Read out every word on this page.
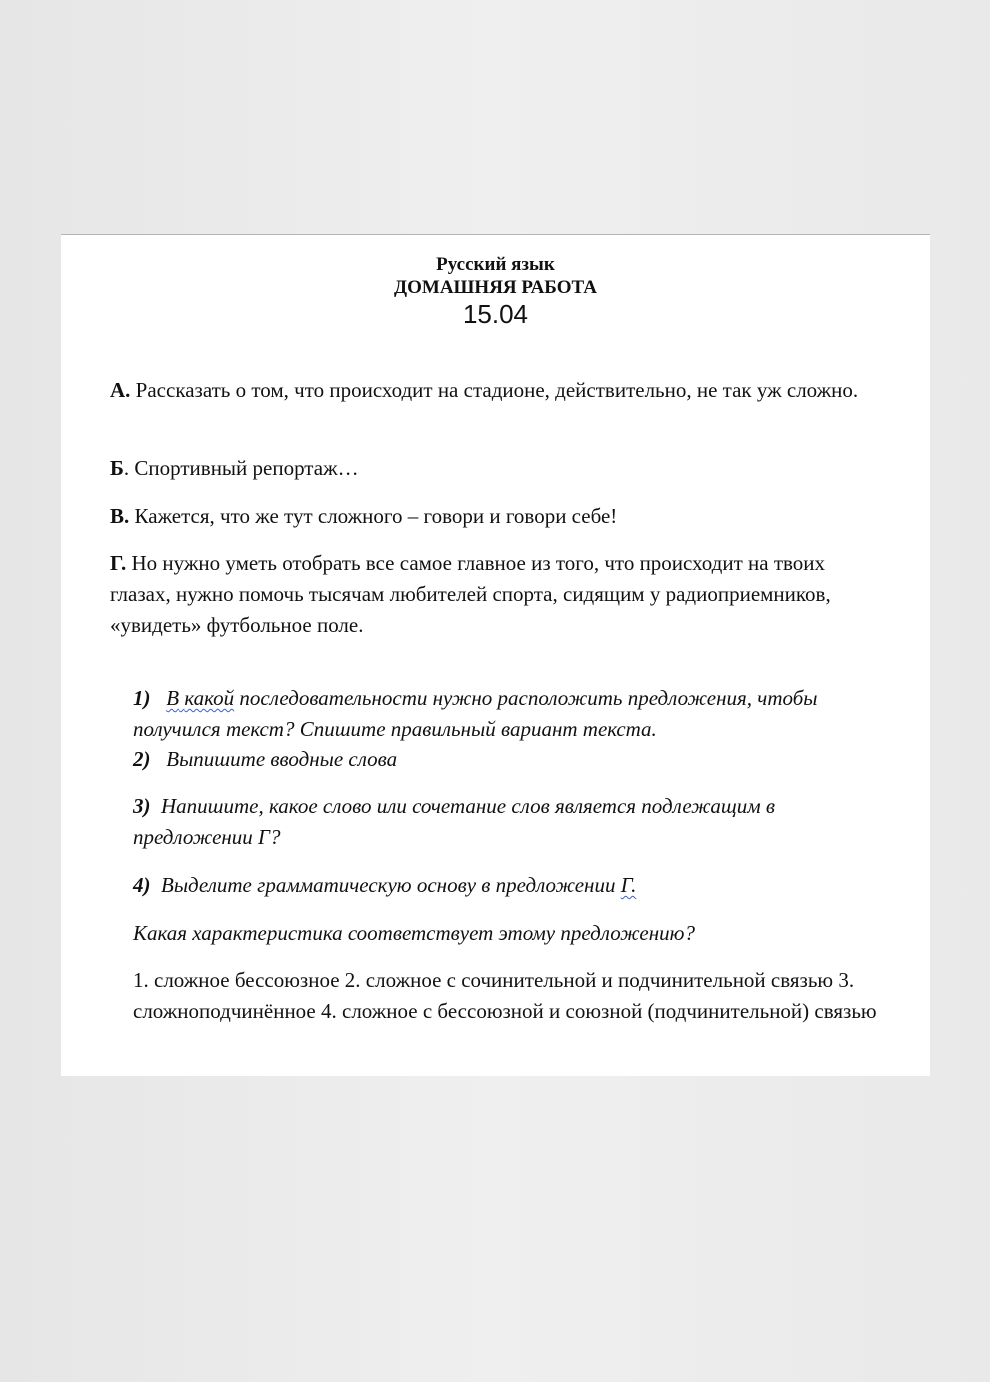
Русский язык
ДОМАШНЯЯ РАБОТА
15.04
А. Рассказать о том, что происходит на стадионе, действительно, не так уж сложно.
Б. Спортивный репортаж…
В. Кажется, что же тут сложного – говори и говори себе!
Г. Но нужно уметь отобрать все самое главное из того, что происходит на твоих глазах, нужно помочь тысячам любителей спорта, сидящим у радиоприемников, «увидеть» футбольное поле.
1) В какой последовательности нужно расположить предложения, чтобы получился текст? Спишите правильный вариант текста.
2) Выпишите вводные слова
3) Напишите, какое слово или сочетание слов является подлежащим в предложении Г?
4) Выделите грамматическую основу в предложении Г.
Какая характеристика соответствует этому предложению?
1. сложное бессоюзное 2. сложное с сочинительной и подчинительной связью 3. сложноподчинённое 4. сложное с бессоюзной и союзной (подчинительной) связью
